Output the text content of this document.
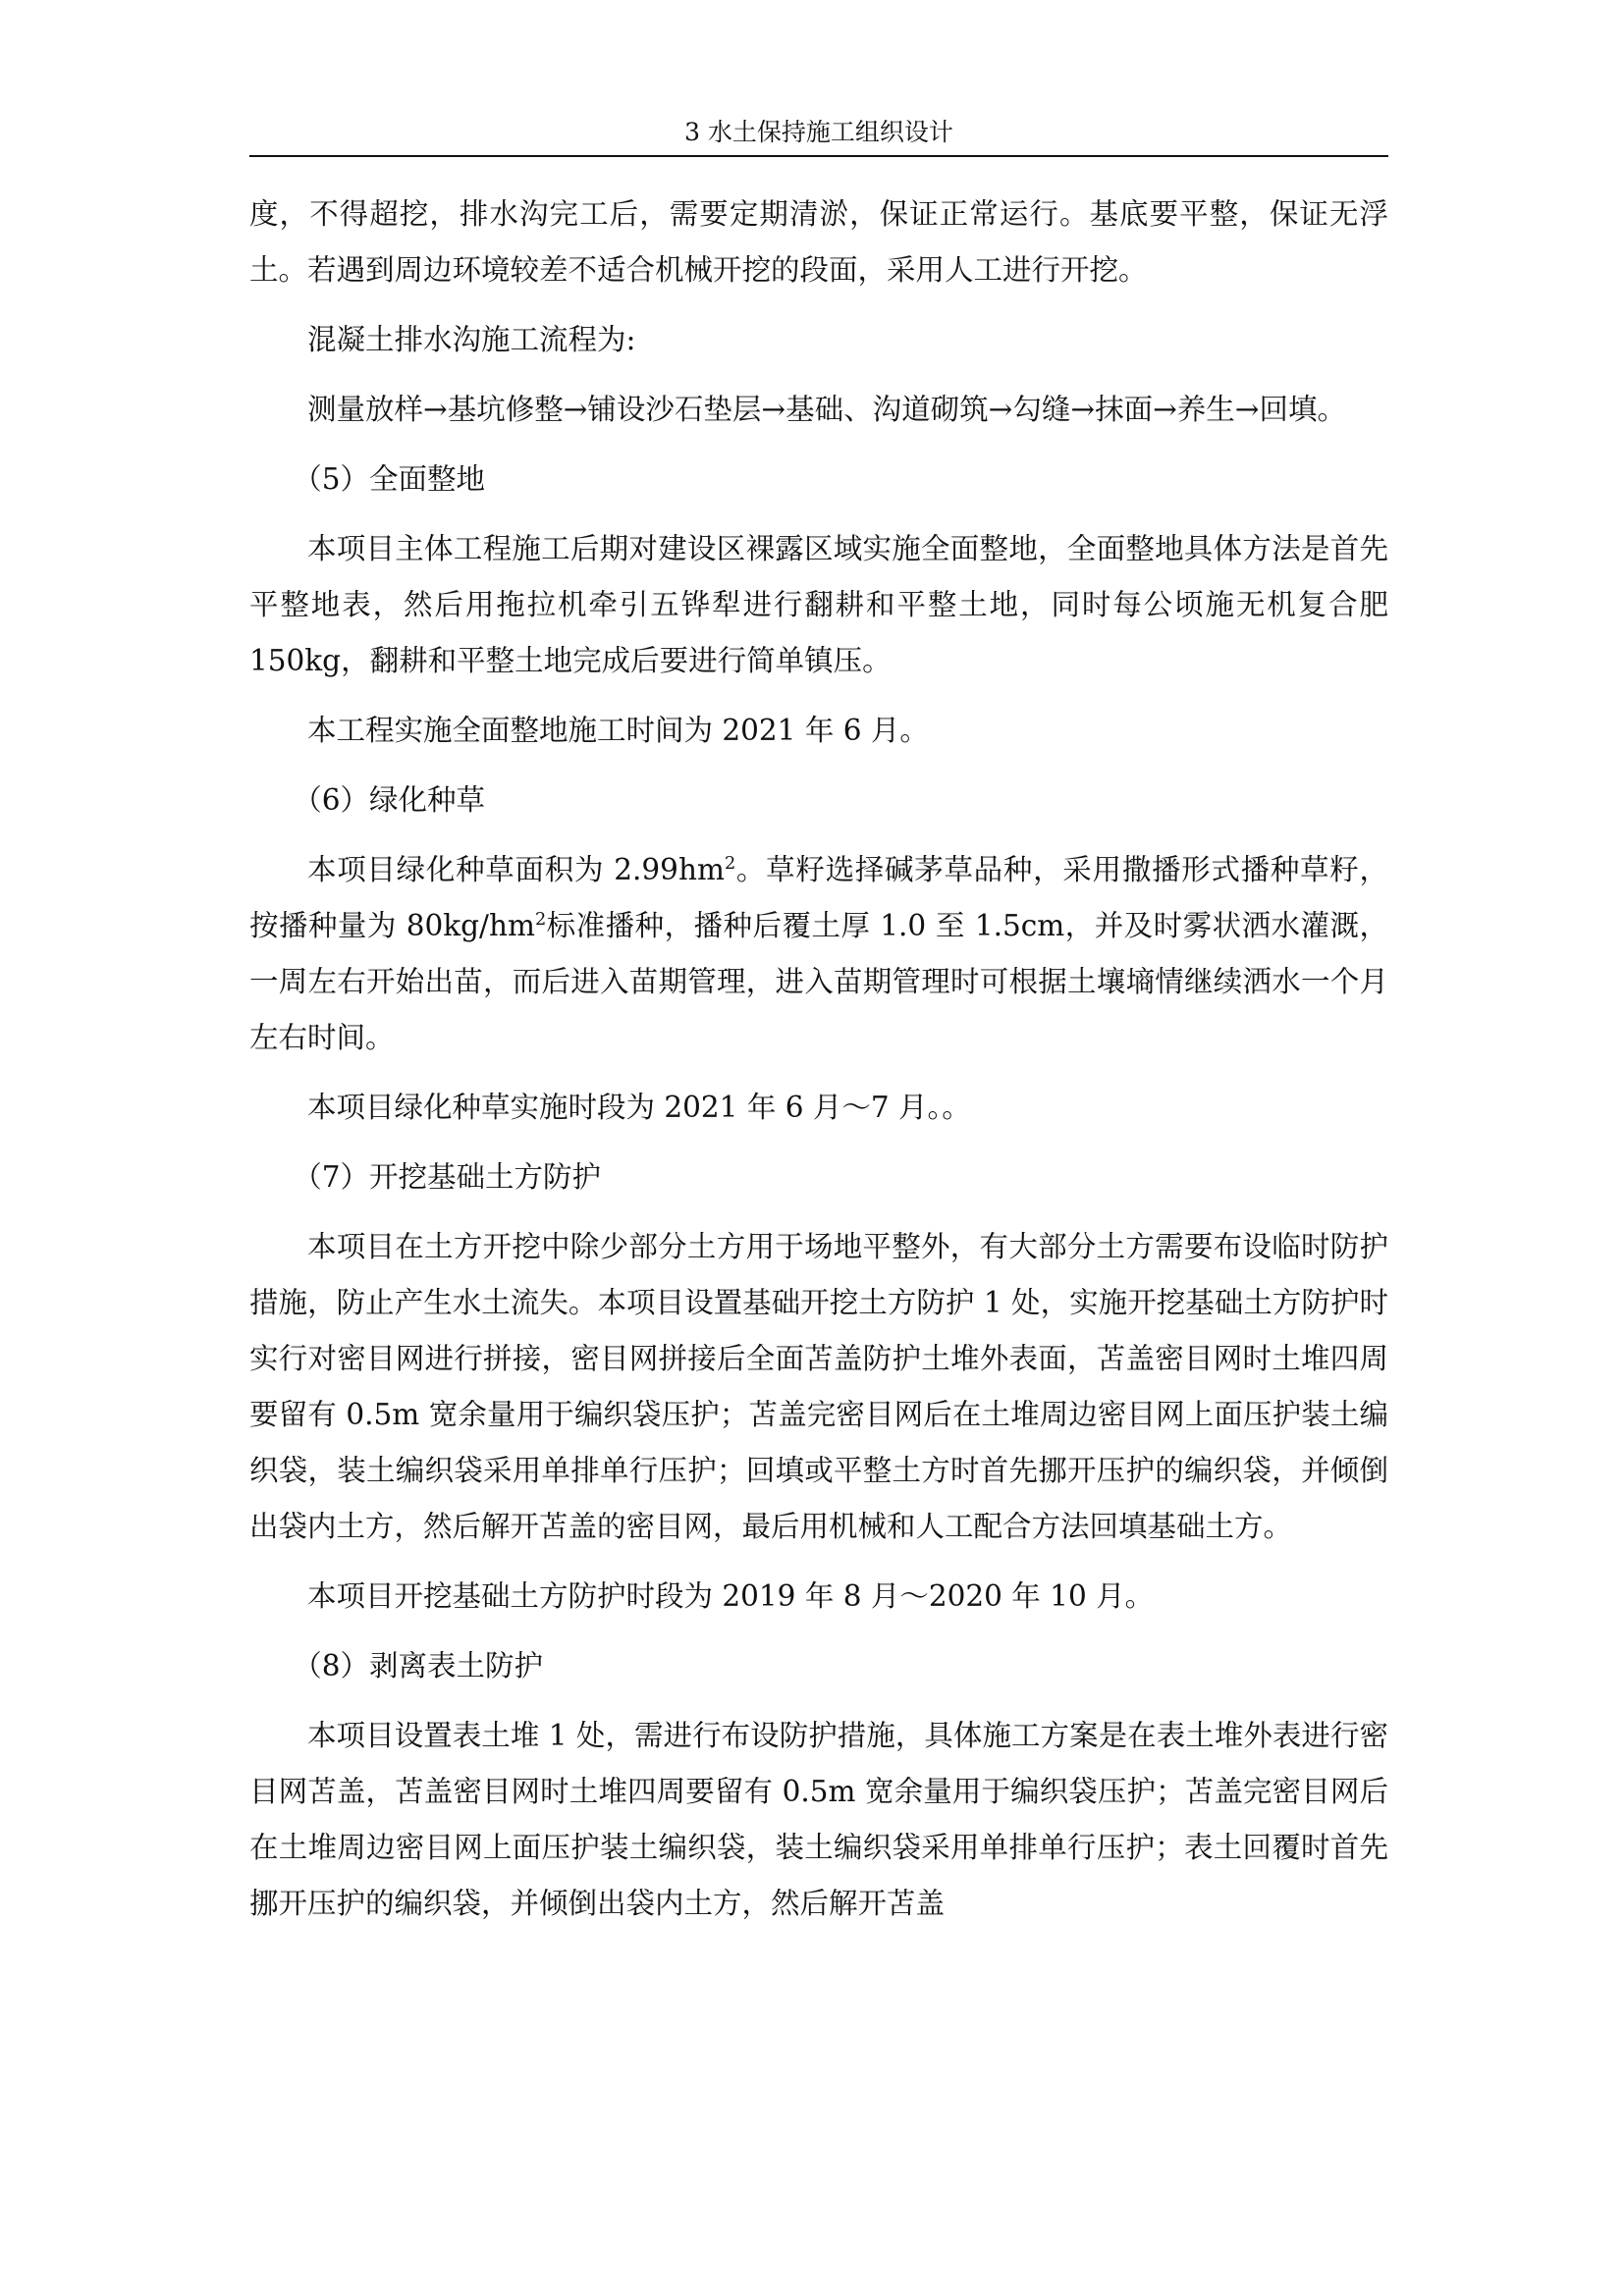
3 水土保持施工组织设计

度，不得超挖，排水沟完工后，需要定期清淤，保证正常运行。基底要平整，保证无浮土。若遇到周边环境较差不适合机械开挖的段面，采用人工进行开挖。

混凝土排水沟施工流程为:

测量放样→基坑修整→铺设沙石垫层→基础、沟道砌筑→勾缝→抹面→养生→回填。

（5）全面整地

本项目主体工程施工后期对建设区裸露区域实施全面整地，全面整地具体方法是首先平整地表，然后用拖拉机牵引五铧犁进行翻耕和平整土地，同时每公顷施无机复合肥 150kg，翻耕和平整土地完成后要进行简单镇压。

本工程实施全面整地施工时间为 2021 年 6 月。

（6）绿化种草

本项目绿化种草面积为 $2.99hm^2$。草籽选择碱茅草品种，采用撒播形式播种草籽，按播种量为 $80kg/hm^2$标准播种，播种后覆土厚 1.0 至 1.5cm，并及时雾状洒水灌溉，一周左右开始出苗，而后进入苗期管理，进入苗期管理时可根据土壤墒情继续洒水一个月左右时间。

本项目绿化种草实施时段为 2021 年 6 月～7 月。。

（7）开挖基础土方防护

本项目在土方开挖中除少部分土方用于场地平整外，有大部分土方需要布设临时防护措施，防止产生水土流失。本项目设置基础开挖土方防护 1 处，实施开挖基础土方防护时实行对密目网进行拼接，密目网拼接后全面苫盖防护土堆外表面，苫盖密目网时土堆四周要留有 0.5m 宽余量用于编织袋压护；苫盖完密目网后在土堆周边密目网上面压护装土编织袋，装土编织袋采用单排单行压护；回填或平整土方时首先挪开压护的编织袋，并倾倒出袋内土方，然后解开苫盖的密目网，最后用机械和人工配合方法回填基础土方。

本项目开挖基础土方防护时段为 2019 年 8 月～2020 年 10 月。

（8）剥离表土防护

本项目设置表土堆 1 处，需进行布设防护措施，具体施工方案是在表土堆外表进行密目网苫盖，苫盖密目网时土堆四周要留有 0.5m 宽余量用于编织袋压护；苫盖完密目网后在土堆周边密目网上面压护装土编织袋，装土编织袋采用单排单行压护；表土回覆时首先挪开压护的编织袋，并倾倒出袋内土方，然后解开苫盖
